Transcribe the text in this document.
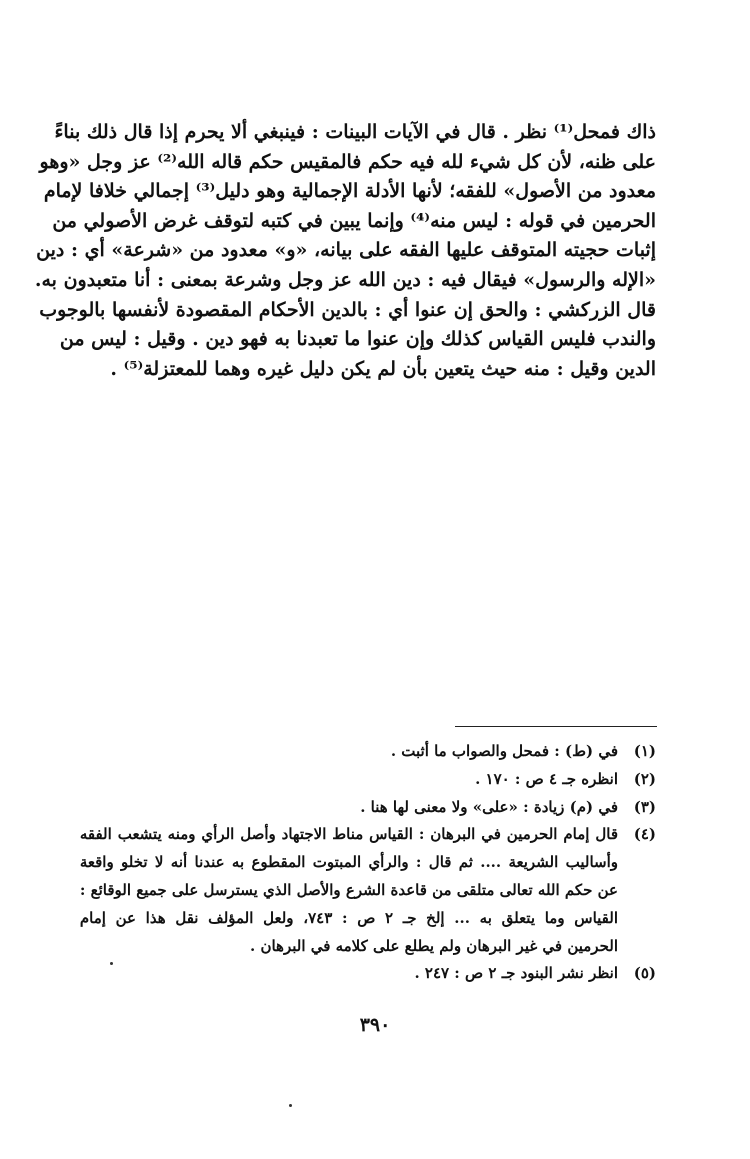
ذاك فمحل⁽¹⁾ نظر . قال في الآيات البينات : فينبغي ألا يحرم إذا قال ذلك بناءً
على ظنه، لأن كل شيء لله فيه حكم فالمقيس حكم قاله الله⁽²⁾ عز وجل «وهو
معدود من الأصول» للفقه؛ لأنها الأدلة الإجمالية وهو دليل⁽³⁾ إجمالي خلافا لإمام
الحرمين في قوله : ليس منه⁽⁴⁾ وإنما يبين في كتبه لتوقف غرض الأصولي من
إثبات حجيته المتوقف عليها الفقه على بيانه، «و» معدود من «شرعة» أي : دين
«الإله والرسول» فيقال فيه : دين الله عز وجل وشرعة بمعنى : أنا متعبدون به.
قال الزركشي : والحق إن عنوا أي : بالدين الأحكام المقصودة لأنفسها بالوجوب
والندب فليس القياس كذلك وإن عنوا ما تعبدنا به فهو دين . وقيل : ليس من
الدين وقيل : منه حيث يتعين بأن لم يكن دليل غيره وهما للمعتزلة⁽⁵⁾ .
(١)
في (ط) : فمحل والصواب ما أثبت .
(٢)
انظره جـ ٤ ص : ١٧٠ .
(٣)
في (م) زيادة : «على» ولا معنى لها هنا .
(٤)
قال إمام الحرمين في البرهان : القياس مناط الاجتهاد وأصل الرأي ومنه يتشعب الفقه
وأساليب الشريعة .... ثم قال : والرأي المبتوت المقطوع به عندنا أنه لا تخلو واقعة
عن حكم الله تعالى متلقى من قاعدة الشرع والأصل الذي يسترسل على جميع الوقائع :
القياس وما يتعلق به ... إلخ جـ ٢ ص : ٧٤٣، ولعل المؤلف نقل هذا عن إمام
الحرمين في غير البرهان ولم يطلع على كلامه في البرهان .
(٥)
انظر نشر البنود جـ ٢ ص : ٢٤٧ .
٣٩٠
